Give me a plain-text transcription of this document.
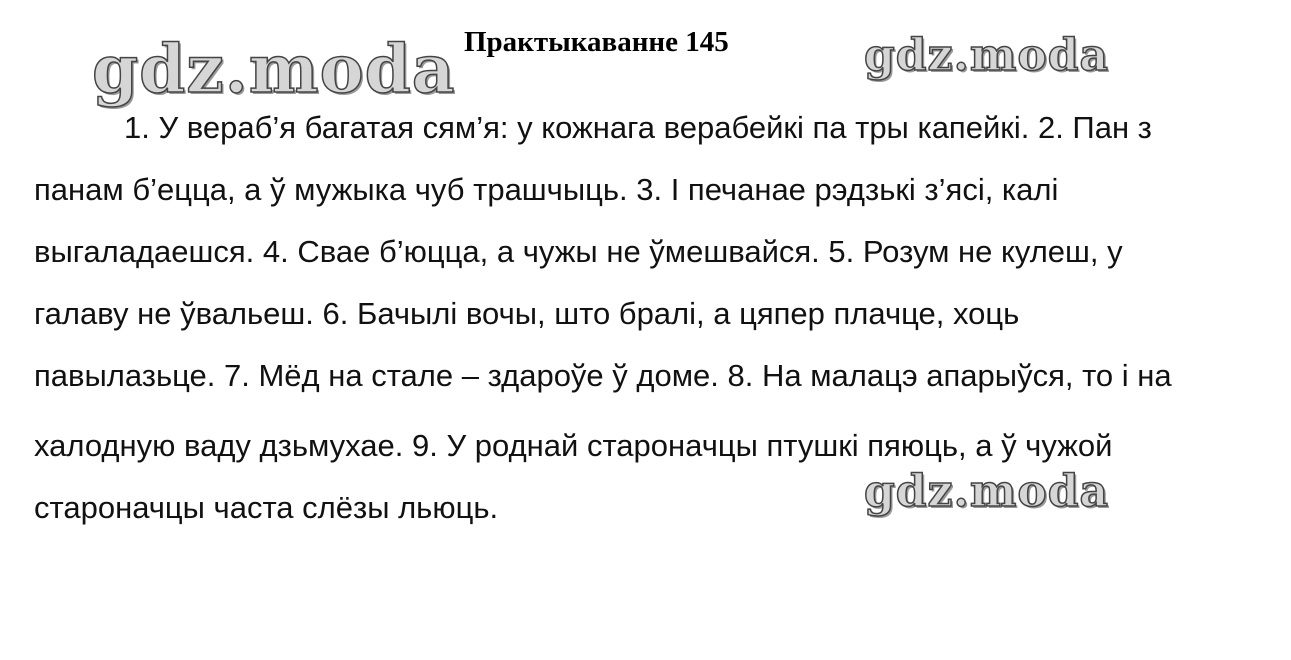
gdz.moda	gdz.moda
Практыкаванне 145
1. У вераб’я багатая сям’я: у кожнага верабейкі па тры капейкі. 2. Пан з
панам б’ецца, а ў мужыка чуб трашчыць. 3. І печанае рэдзькі з’ясі, калі
выгаладаешся. 4. Свае б’юцца, а чужы не ўмешвайся. 5. Розум не кулеш, у
галаву не ўвальеш. 6. Бачылі вочы, што бралі, а цяпер плачце, хоць
павылазьце. 7. Мёд на стале – здароўе ў доме. 8. На малацэ апарыўся, то і на
халодную ваду дзьмухае. 9. У роднай староначцы птушкі пяюць, а ў чужой
староначцы часта слёзы льюць.	gdz.moda
